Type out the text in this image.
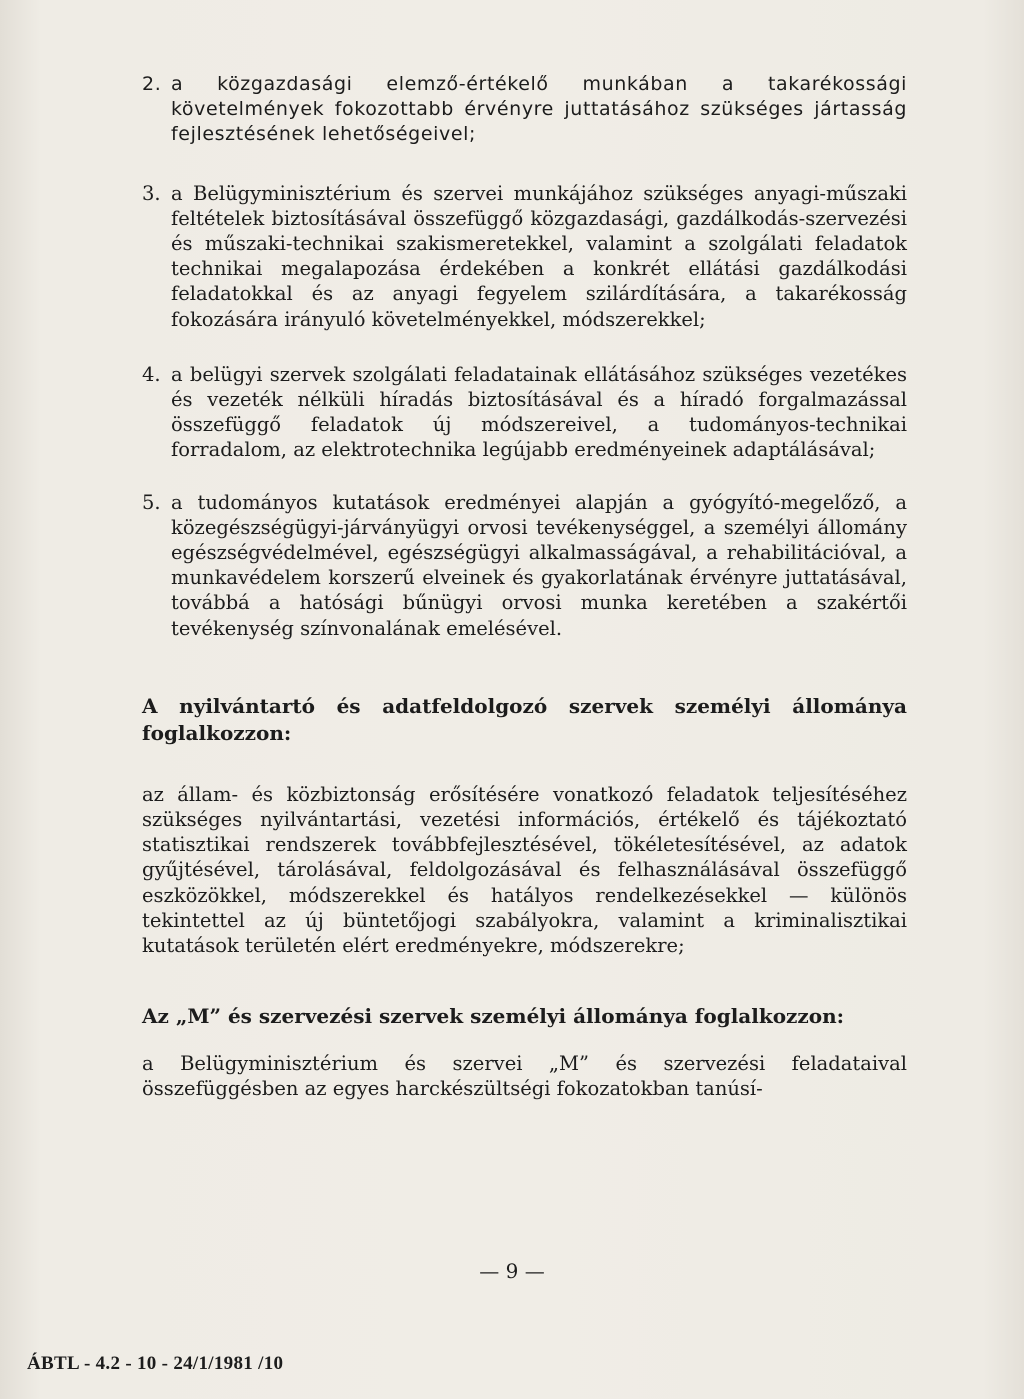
2. a közgazdasági elemző-értékelő munkában a takarékossági követelmények fokozottabb érvényre juttatásához szükséges jártasság fejlesztésének lehetőségeivel;

3. a Belügyminisztérium és szervei munkájához szükséges anyagi-műszaki feltételek biztosításával összefüggő közgazdasági, gazdálkodás-szervezési és műszaki-technikai szakismeretekkel, valamint a szolgálati feladatok technikai megalapozása érdekében a konkrét ellátási gazdálkodási feladatokkal és az anyagi fegyelem szilárdítására, a takarékosság fokozására irányuló követelményekkel, módszerekkel;

4. a belügyi szervek szolgálati feladatainak ellátásához szükséges vezetékes és vezeték nélküli híradás biztosításával és a híradó forgalmazással összefüggő feladatok új módszereivel, a tudományos-technikai forradalom, az elektrotechnika legújabb eredményeinek adaptálásával;

5. a tudományos kutatások eredményei alapján a gyógyító-megelőző, a közegészségügyi-járványügyi orvosi tevékenységgel, a személyi állomány egészségvédelmével, egészségügyi alkalmasságával, a rehabilitációval, a munkavédelem korszerű elveinek és gyakorlatának érvényre juttatásával, továbbá a hatósági bűnügyi orvosi munka keretében a szakértői tevékenység színvonalának emelésével.

A nyilvántartó és adatfeldolgozó szervek személyi állománya foglalkozzon:

az állam- és közbiztonság erősítésére vonatkozó feladatok teljesítéséhez szükséges nyilvántartási, vezetési információs, értékelő és tájékoztató statisztikai rendszerek továbbfejlesztésével, tökéletesítésével, az adatok gyűjtésével, tárolásával, feldolgozásával és felhasználásával összefüggő eszközökkel, módszerekkel és hatályos rendelkezésekkel — különös tekintettel az új büntetőjogi szabályokra, valamint a kriminalisztikai kutatások területén elért eredményekre, módszerekre;

Az „M” és szervezési szervek személyi állománya foglalkozzon:

a Belügyminisztérium és szervei „M” és szervezési feladataival összefüggésben az egyes harckészültségi fokozatokban tanúsí-

— 9 —
ÁBTL - 4.2 - 10 - 24/1/1981 /10
